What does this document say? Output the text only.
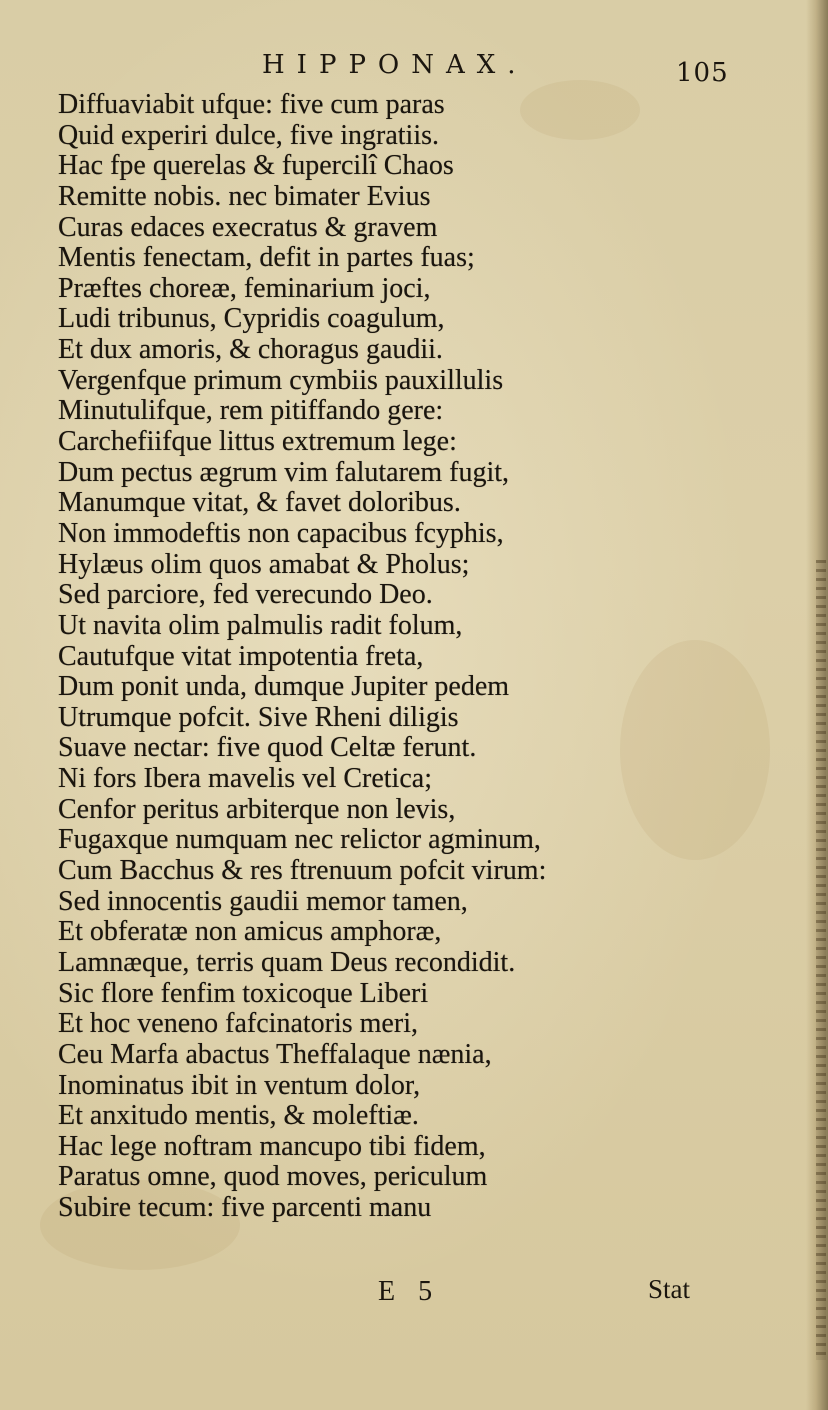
HIPPONAX.	105
Diffuaviabit ufque: five cum paras
Quid experiri dulce, five ingratiis.
Hac fpe querelas & fupercilî Chaos
Remitte nobis. nec bimater Evius
Curas edaces execratus & gravem
Mentis fenectam, defit in partes fuas;
Præftes choreæ, feminarium joci,
Ludi tribunus, Cypridis coagulum,
Et dux amoris, & choragus gaudii.
Vergenfque primum cymbiis pauxillulis
Minutulifque, rem pitiffando gere:
Carchefiifque littus extremum lege:
Dum pectus ægrum vim falutarem fugit,
Manumque vitat, & favet doloribus.
Non immodeftis non capacibus fcyphis,
Hylæus olim quos amabat & Pholus;
Sed parciore, fed verecundo Deo.
Ut navita olim palmulis radit folum,
Cautufque vitat impotentia freta,
Dum ponit unda, dumque Jupiter pedem
Utrumque pofcit. Sive Rheni diligis
Suave nectar: five quod Celtæ ferunt.
Ni fors Ibera mavelis vel Cretica;
Cenfor peritus arbiterque non levis,
Fugaxque numquam nec relictor agminum,
Cum Bacchus & res ftrenuum pofcit virum:
Sed innocentis gaudii memor tamen,
Et obferatæ non amicus amphoræ,
Lamnæque, terris quam Deus recondidit.
Sic flore fenfim toxicoque Liberi
Et hoc veneno fafcinatoris meri,
Ceu Marfa abactus Theffalaque nænia,
Inominatus ibit in ventum dolor,
Et anxitudo mentis, & moleftiæ.
Hac lege noftram mancupo tibi fidem,
Paratus omne, quod moves, periculum
Subire tecum: five parcenti manu
E 5	Stat
